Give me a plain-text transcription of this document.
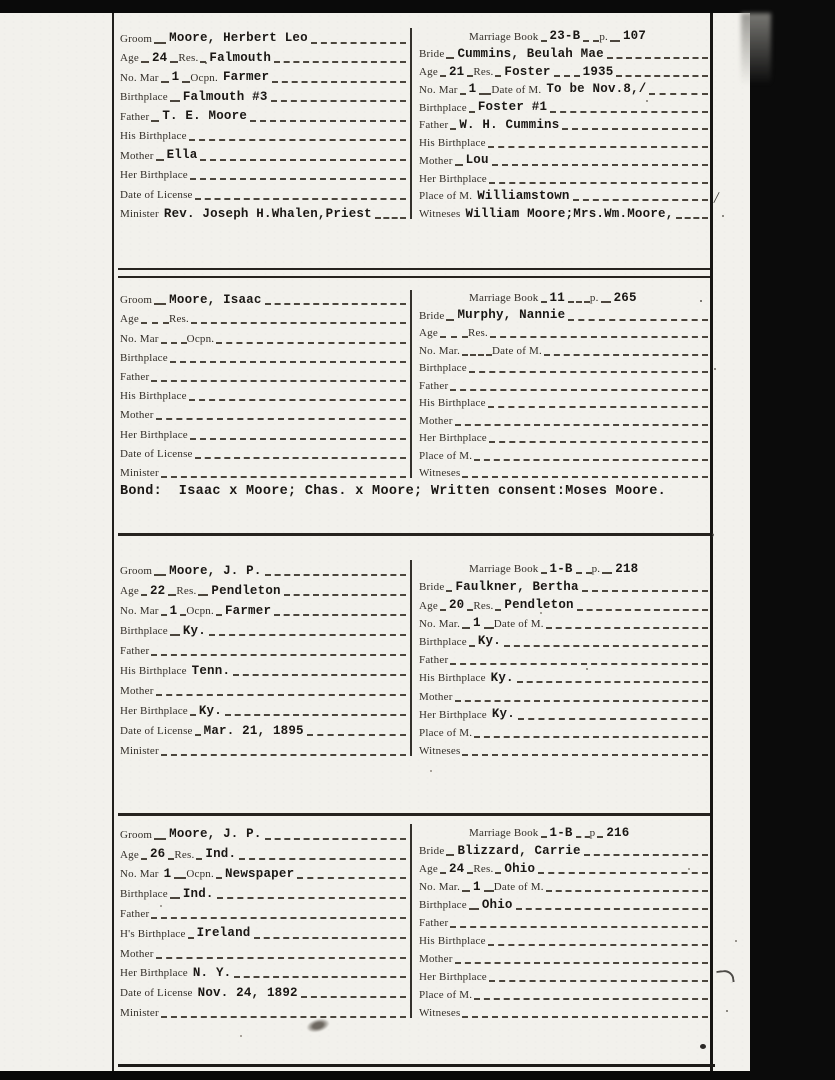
/
,
Groom Moore, Herbert Leo
Age 24 Res. Falmouth
No. Mar 1 Ocpn. Farmer
Birthplace Falmouth #3
Father T. E. Moore
His Birthplace
Mother Ella
Her Birthplace
Date of License
Minister Rev. Joseph H.Whalen,Priest
Marriage Book 23-B p. 107
Bride Cummins, Beulah Mae
Age 21 Res. Foster	1935
No. Mar 1 Date of M. To be Nov.8,/
Birthplace Foster #1
Father W. H. Cummins
His Birthplace
Mother Lou
Her Birthplace
Place of M. Williamstown
Witneses William Moore;Mrs.Wm.Moore,
Groom Moore, Isaac
Age	Res.
No. Mar	Ocpn.
Birthplace
Father
His Birthplace
Mother
Her Birthplace
Date of License
Minister
Marriage Book 11 p. 265
Bride Murphy, Nannie
Age	Res.
No. Mar.	Date of M.
Birthplace
Father
His Birthplace
Mother
Her Birthplace
Place of M.
Witneses
Bond:  Isaac x Moore; Chas. x Moore; Written consent:Moses Moore.
Groom Moore, J. P.
Age 22 Res. Pendleton
No. Mar 1 Ocpn. Farmer
Birthplace Ky.
Father
His Birthplace Tenn.
Mother
Her Birthplace Ky.
Date of License Mar. 21, 1895
Minister
Marriage Book 1-B p. 218
Bride Faulkner, Bertha
Age 20 Res. Pendleton
No. Mar. 1 Date of M.
Birthplace Ky.
Father
His Birthplace Ky.
Mother
Her Birthplace Ky.
Place of M.
Witneses
Groom Moore, J. P.
Age 26 Res. Ind.
No. Mar 1 Ocpn. Newspaper
Birthplace Ind.
Father
H's Birthplace Ireland
Mother
Her Birthplace N. Y.
Date of License Nov. 24, 1892
Minister
Marriage Book 1-B p 216
Bride Blizzard, Carrie
Age 24 Res. Ohio
No. Mar. 1 Date of M.
Birthplace Ohio
Father
His Birthplace
Mother
Her Birthplace
Place of M.
Witneses
